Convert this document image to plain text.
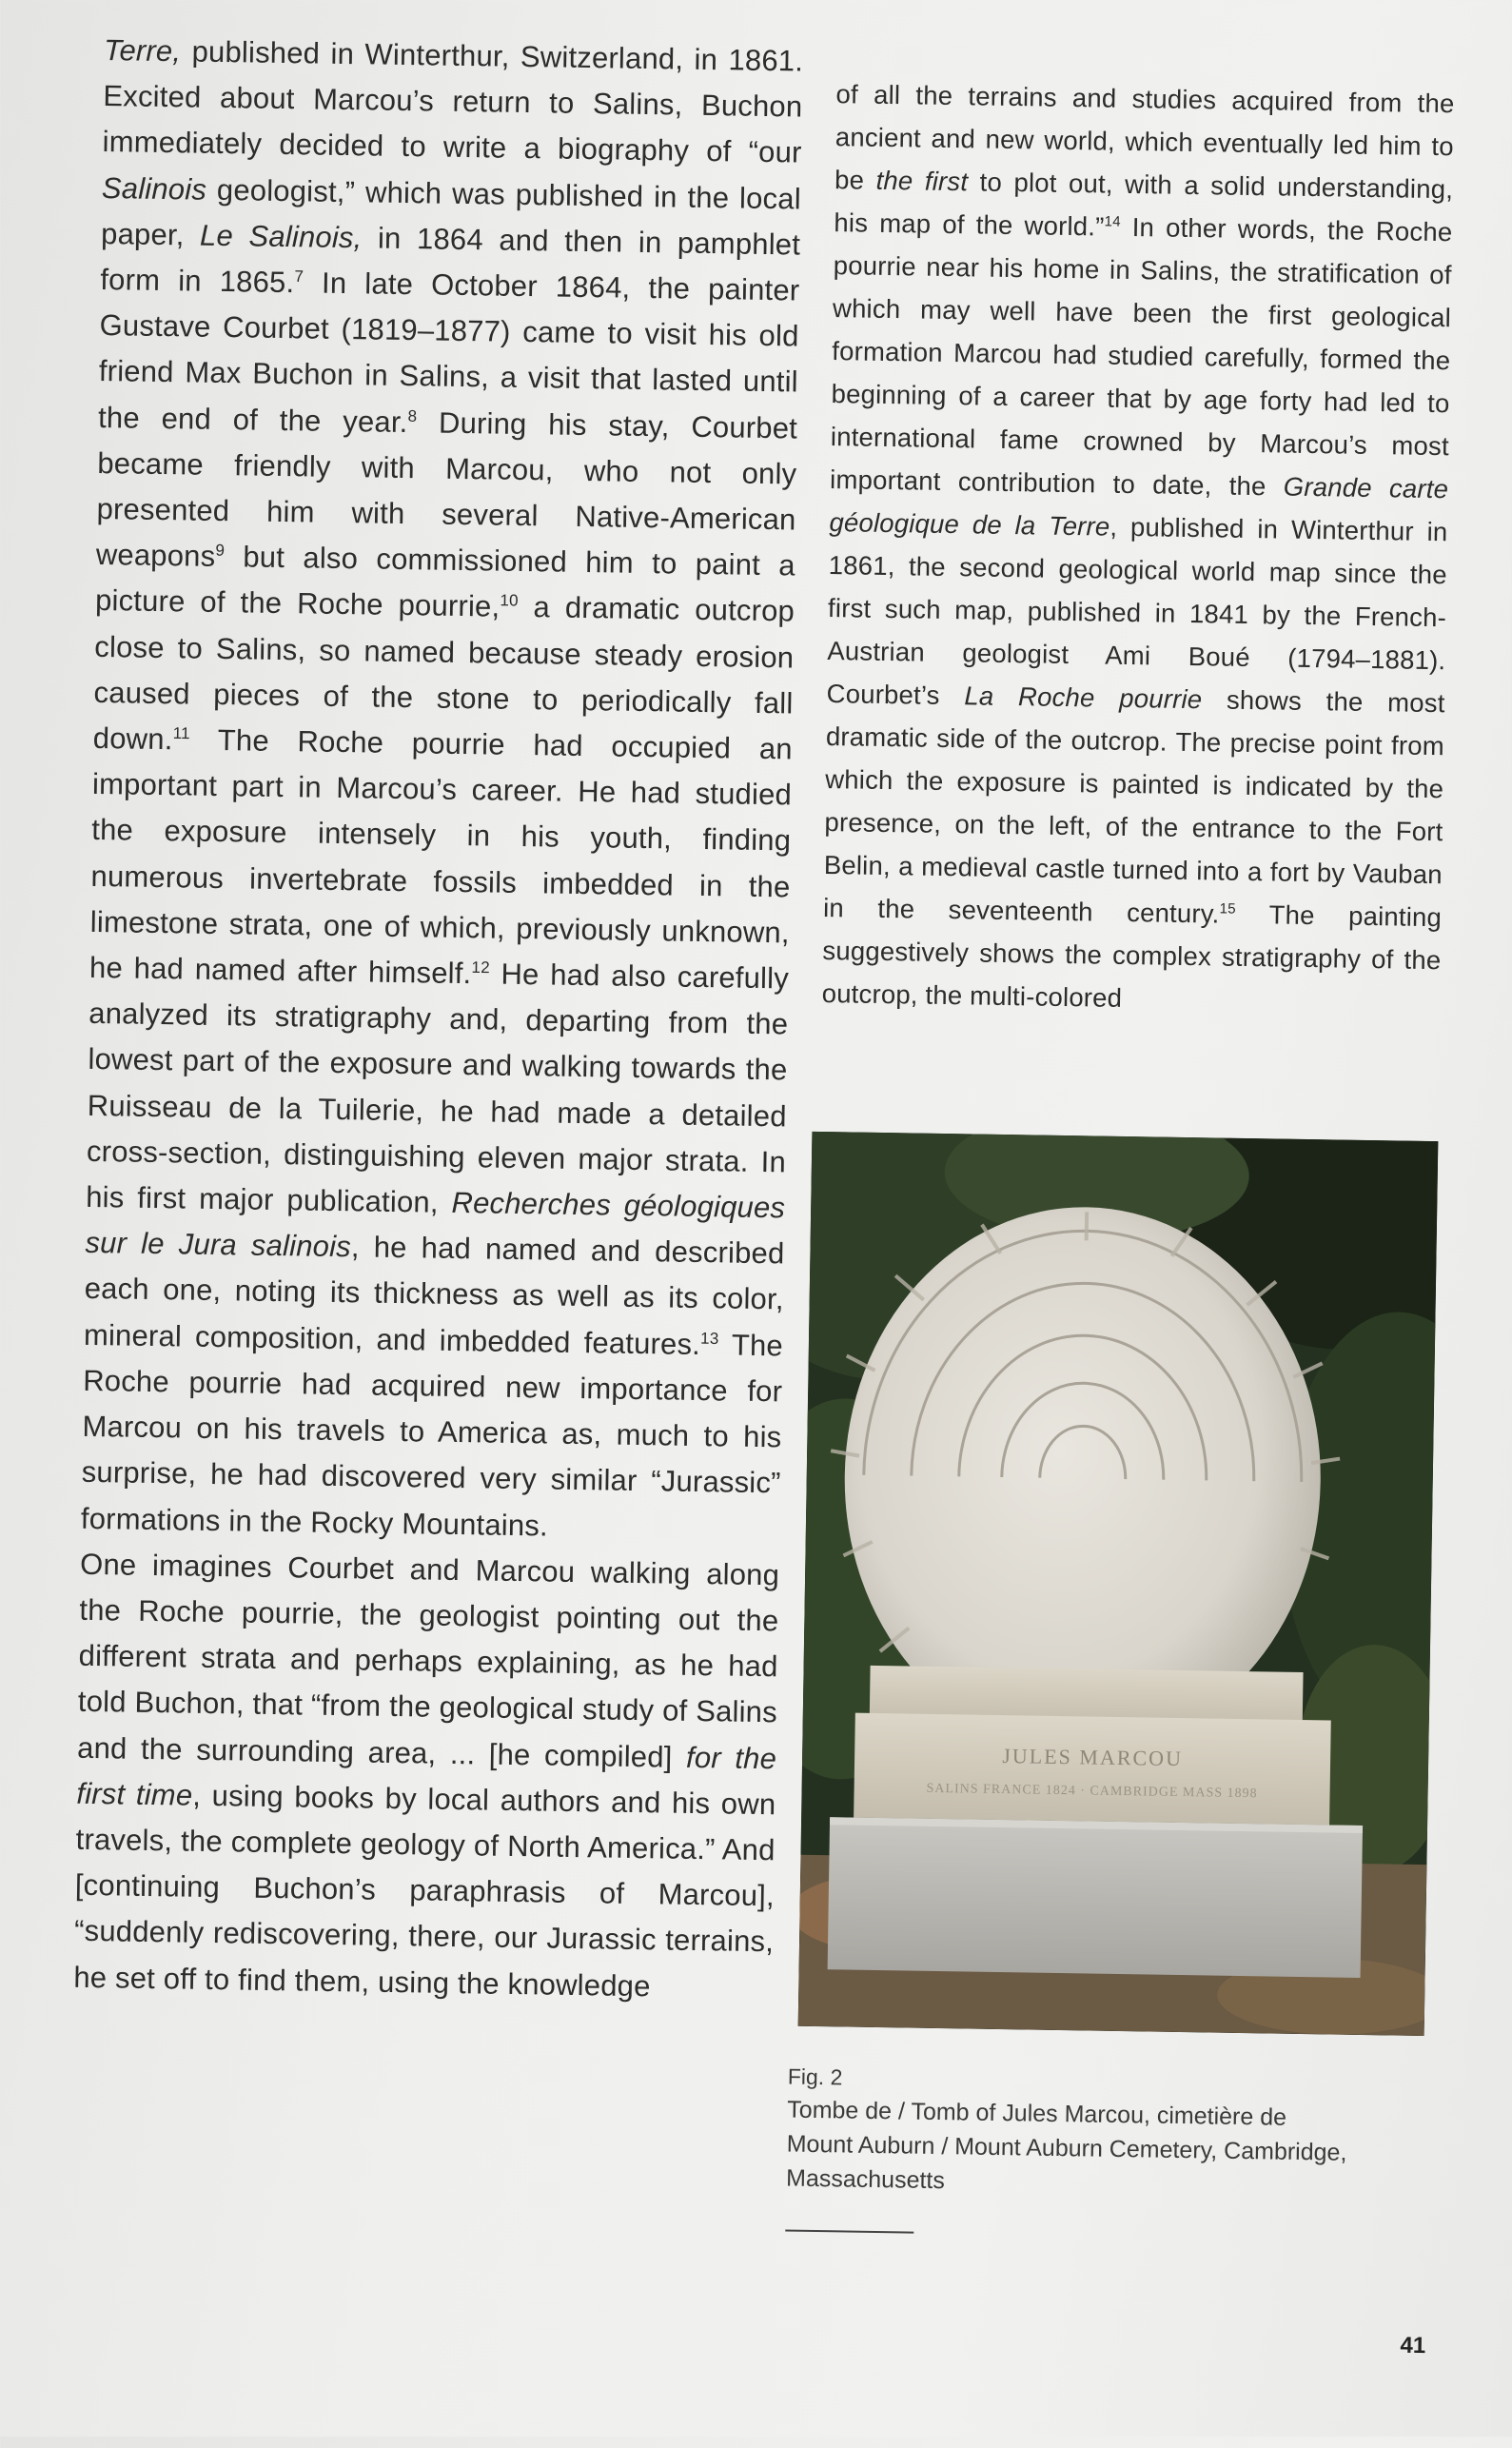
Terre, published in Winterthur, Switzerland, in 1861. Excited about Marcou’s return to Salins, Buchon immediately decided to write a biography of “our Salinois geologist,” which was published in the local paper, Le Salinois, in 1864 and then in pamphlet form in 1865.$^7$ In late October 1864, the painter Gustave Courbet (1819–1877) came to visit his old friend Max Buchon in Salins, a visit that lasted until the end of the year.$^8$ During his stay, Courbet became friendly with Marcou, who not only presented him with several Native-American weapons$^9$ but also commissioned him to paint a picture of the Roche pourrie,$^{10}$ a dramatic outcrop close to Salins, so named because steady erosion caused pieces of the stone to periodically fall down.$^{11}$ The Roche pourrie had occupied an important part in Marcou’s career. He had studied the exposure intensely in his youth, finding numerous invertebrate fossils imbedded in the limestone strata, one of which, previously unknown, he had named after himself.$^{12}$ He had also carefully analyzed its stratigraphy and, departing from the lowest part of the exposure and walking towards the Ruisseau de la Tuilerie, he had made a detailed cross-section, distinguishing eleven major strata. In his first major publication, Recherches géologiques sur le Jura salinois, he had named and described each one, noting its thickness as well as its color, mineral composition, and imbedded features.$^{13}$ The Roche pourrie had acquired new importance for Marcou on his travels to America as, much to his surprise, he had discovered very similar “Jurassic” formations in the Rocky Mountains.

One imagines Courbet and Marcou walking along the Roche pourrie, the geologist pointing out the different strata and perhaps explaining, as he had told Buchon, that “from the geological study of Salins and the surrounding area, ... [he compiled] for the first time, using books by local authors and his own travels, the complete geology of North America.” And [continuing Buchon’s paraphrasis of Marcou], “suddenly rediscovering, there, our Jurassic terrains, he set off to find them, using the knowledge

of all the terrains and studies acquired from the ancient and new world, which eventually led him to be the first to plot out, with a solid understanding, his map of the world.”$^{14}$ In other words, the Roche pourrie near his home in Salins, the stratification of which may well have been the first geological formation Marcou had studied carefully, formed the beginning of a career that by age forty had led to international fame crowned by Marcou’s most important contribution to date, the Grande carte géologique de la Terre, published in Winterthur in 1861, the second geological world map since the first such map, published in 1841 by the French-Austrian geologist Ami Boué (1794–1881). Courbet’s La Roche pourrie shows the most dramatic side of the outcrop. The precise point from which the exposure is painted is indicated by the presence, on the left, of the entrance to the Fort Belin, a medieval castle turned into a fort by Vauban in the seventeenth century.$^{15}$ The painting suggestively shows the complex stratigraphy of the outcrop, the multi-colored

JULES MARCOU
SALINS FRANCE 1824 · CAMBRIDGE MASS 1898
Fig. 2
Tombe de / Tomb of Jules Marcou, cimetière de
Mount Auburn / Mount Auburn Cemetery, Cambridge,
Massachusetts
41
